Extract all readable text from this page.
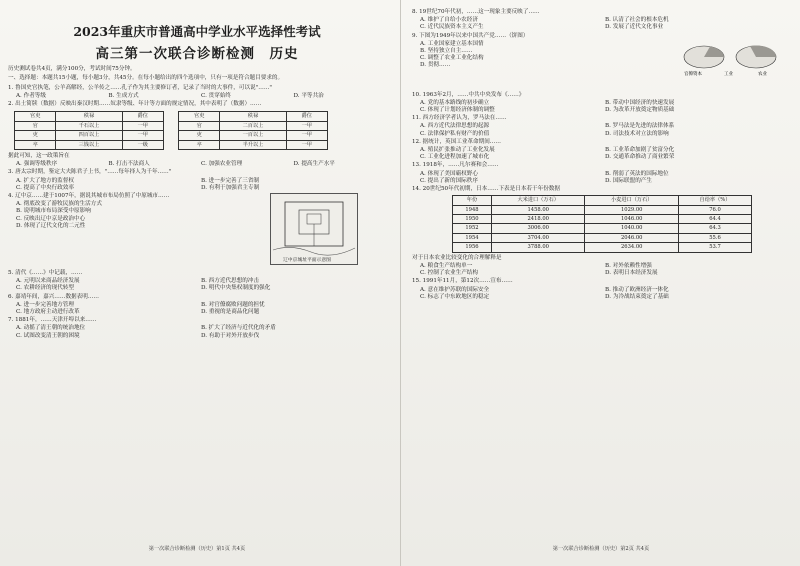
2023年重庆市普通高中学业水平选择性考试
高三第一次联合诊断检测　历史

历史测试卷共4页，满分100分，考试时间75分钟。

一、选择题：本题共15小题，每小题3分，共45分。在每小题给出的四个选项中，只有一项是符合题目要求的。

1. 鲁国史官执笔，公羊高解经，公羊传之……孔子作为其主要修订者，记录了当时的大事件，可以说"……"

A. 作者等级	B. 生成方式	C. 贯穿始终	D. 平等共治

2. 出土简牍（数据）反映出秦汉时期……奴隶等级、年计等方面的规定情况，其中表明了（数据）……

官吏	秩禄	爵位
官	千石以上	一甲
吏	四百以上	一甲
卒	三钱以上	一级
官吏	秩禄	爵位
官	二百以上	一甲
吏	一百以上	一甲
卒	半升以上	一甲

据此可知，这一政策旨在

A. 强调等级秩序	B. 打击不法商人	C. 加强农业管理	D. 提高生产水平

3. 唐太宗时期，鉴定大夫陈君子上书，"……每年择人为千年……"

A. 扩大了地方的监督权	B. 进一步完善了三省制
C. 提高了中央行政效率	D. 有利于加强君主专制

4. 辽中京……建于1007年，据说其城市布局仿照了中原城市……

A. 彻底改变了游牧民族的生活方式
B. 说明城市布局深受中原影响
C. 反映出辽中京是政治中心
D. 体现了辽代文化的二元性
辽中京城址平面示意图

5. 清代《……》中记载，……

A. 元明以来商品经济发展	B. 西方近代思想的冲击
C. 农耕经济的现代转型	D. 明代中央集权制度的强化

6. 嘉靖年间，嘉兴……数据表明……

A. 进一步完善地方管理	B. 对官僚腐败问题的担忧
C. 地方政府主动进行改革	D. 重视的是商品化问题

7. 1881年，……天津开埠以来……

A. 动摇了清王朝的统治地位	B. 扩大了经济与近代化的矛盾
C. 试图改变清王朝的困境	D. 有助于对外开放步伐
第一次联合诊断检测（历史）第1页 共4页

8. 19世纪70年代初，……这一现象主要反映了……

A. 维护了自给小农经济	B. 认清了社会的根本危机
C. 近代民族资本主义产生	D. 发展了近代文化事业

9. 下图为1949年以来中国共产党……（饼图）

A. 工业国家建立基本国情
B. 坚持独立自主……
C. 调整了农业工业化结构
D. 贯彻……
官僚资本	工业	农业

10. 1963年2月，……中共中央发布《……》

A. 党的基本路线的初步确立	B. 带动中国经济的快速发展
C. 体现了计划经济体制的调整	D. 为改革开放奠定物质基础

11. 西方经济学者认为，罗马法在……

A. 西方近代法律思想的起源	B. 罗马法是先进的法律体系
C. 法律保护私有财产的价值	D. 司法技术对立法的影响

12. 据统计，英国工业革命期间……

A. 殖民扩张推动了工业化发展	B. 工业革命加剧了贫富分化
C. 工业化进程加速了城市化	D. 交通革命推动了商业繁荣

13. 1918年，……凡尔赛和会……

A. 体现了美国霸权野心	B. 削弱了英法的国际地位
C. 提出了新的国际秩序	D. 国际联盟的产生

14. 20世纪50年代初期，日本……下表是日本若干年份数据

年份	大米进口（万石）	小麦进口（万石）	自给率（%）
1948	1458.00	1029.00	76.0
1950	2418.00	1046.00	64.4
1952	3006.00	1040.00	64.3
1954	3704.00	2046.00	55.6
1956	3788.00	2634.00	53.7

对于日本农业比较变化的合理解释是

A. 粮食生产结构单一	B. 对外依赖性增强
C. 控制了农业生产结构	D. 表明日本经济发展

15. 1991年11月，第12次……宣布……

A. 意在维护苏联的国际安全	B. 推动了欧洲经济一体化
C. 标志了中东欧地区的稳定	D. 为冷战结束奠定了基础
第一次联合诊断检测（历史）第2页 共4页
